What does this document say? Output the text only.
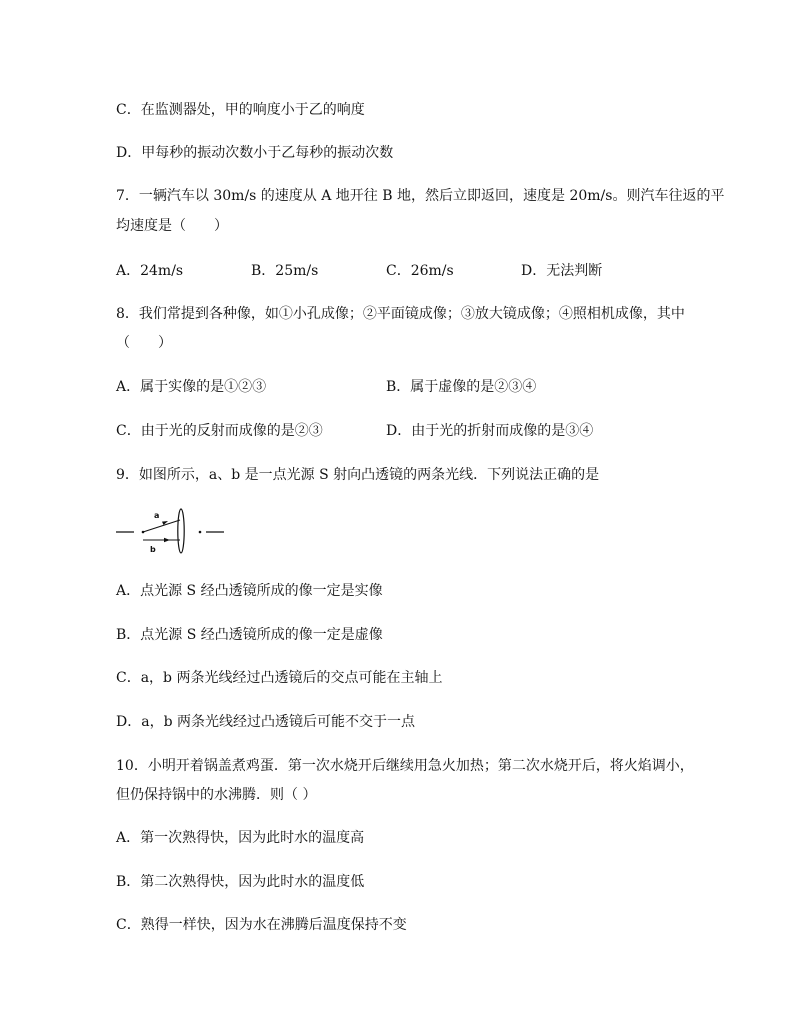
C．在监测器处，甲的响度小于乙的响度
D．甲每秒的振动次数小于乙每秒的振动次数
7．一辆汽车以 30m/s 的速度从 A 地开往 B 地，然后立即返回，速度是 20m/s。则汽车往返的平
均速度是（　　）
A．24m/s	B．25m/s	C．26m/s	D．无法判断
8．我们常提到各种像，如①小孔成像；②平面镜成像；③放大镜成像；④照相机成像，其中
（　　）
A．属于实像的是①②③	B．属于虚像的是②③④
C．由于光的反射而成像的是②③	D．由于光的折射而成像的是③④
9．如图所示，a、b 是一点光源 S 射向凸透镜的两条光线．下列说法正确的是
a
b
A．点光源 S 经凸透镜所成的像一定是实像
B．点光源 S 经凸透镜所成的像一定是虚像
C．a，b 两条光线经过凸透镜后的交点可能在主轴上
D．a，b 两条光线经过凸透镜后可能不交于一点
10．小明开着锅盖煮鸡蛋．第一次水烧开后继续用急火加热；第二次水烧开后，将火焰调小，
但仍保持锅中的水沸腾．则（ ）
A．第一次熟得快，因为此时水的温度高
B．第二次熟得快，因为此时水的温度低
C．熟得一样快，因为水在沸腾后温度保持不变
